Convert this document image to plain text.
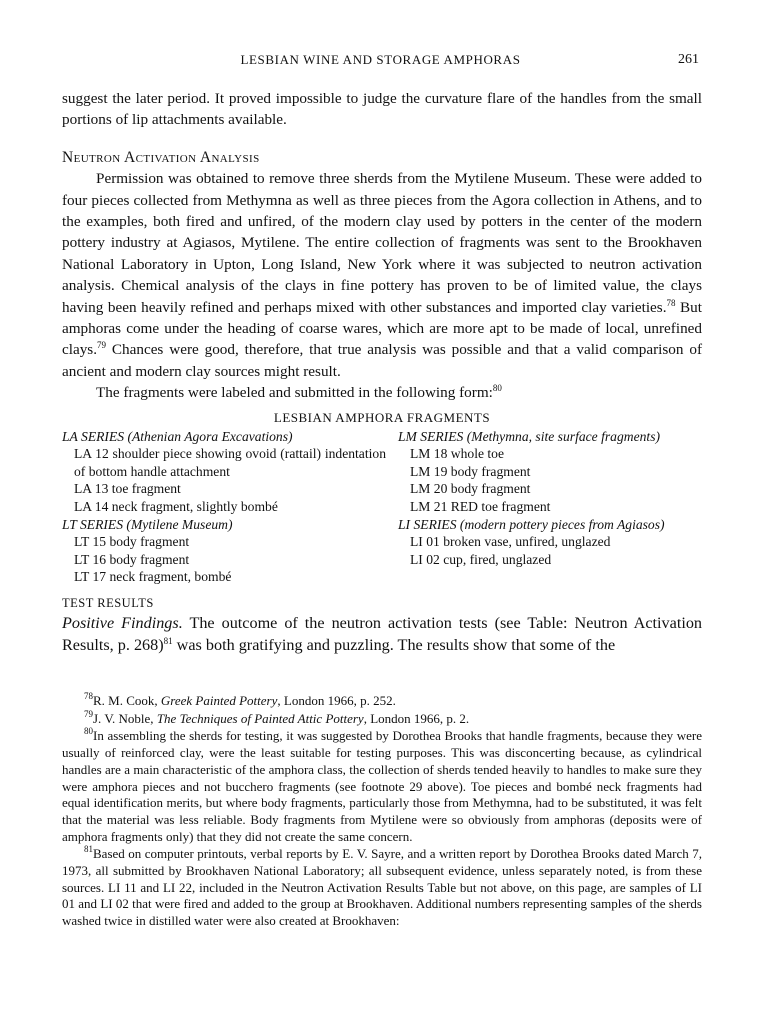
LESBIAN WINE AND STORAGE AMPHORAS	261

suggest the later period. It proved impossible to judge the curvature flare of the handles from the small portions of lip attachments available.

Neutron Activation Analysis

Permission was obtained to remove three sherds from the Mytilene Museum. These were added to four pieces collected from Methymna as well as three pieces from the Agora collection in Athens, and to the examples, both fired and unfired, of the modern clay used by potters in the center of the modern pottery industry at Agiasos, Mytilene. The entire collection of fragments was sent to the Brookhaven National Laboratory in Upton, Long Island, New York where it was subjected to neutron activation analysis. Chemical analysis of the clays in fine pottery has proven to be of limited value, the clays having been heavily refined and perhaps mixed with other substances and imported clay varieties.$^{78}$ But amphoras come under the heading of coarse wares, which are more apt to be made of local, unrefined clays.$^{79}$ Chances were good, therefore, that true analysis was possible and that a valid comparison of ancient and modern clay sources might result.

The fragments were labeled and submitted in the following form:$^{80}$

LESBIAN AMPHORA FRAGMENTS
LA SERIES (Athenian Agora Excavations)
LA 12 shoulder piece showing ovoid (rattail) indentation of bottom handle attachment
LA 13 toe fragment
LA 14 neck fragment, slightly bombé
LT SERIES (Mytilene Museum)
LT 15 body fragment
LT 16 body fragment
LT 17 neck fragment, bombé
LM SERIES (Methymna, site surface fragments)
LM 18 whole toe
LM 19 body fragment
LM 20 body fragment
LM 21 RED toe fragment
LI SERIES (modern pottery pieces from Agiasos)
LI 01 broken vase, unfired, unglazed
LI 02 cup, fired, unglazed
TEST RESULTS

Positive Findings. The outcome of the neutron activation tests (see Table: Neutron Activation Results, p. 268)$^{81}$ was both gratifying and puzzling. The results show that some of the

$^{78}$R. M. Cook, Greek Painted Pottery, London 1966, p. 252.

$^{79}$J. V. Noble, The Techniques of Painted Attic Pottery, London 1966, p. 2.

$^{80}$In assembling the sherds for testing, it was suggested by Dorothea Brooks that handle fragments, because they were usually of reinforced clay, were the least suitable for testing purposes. This was disconcerting because, as cylindrical handles are a main characteristic of the amphora class, the collection of sherds tended heavily to handles to make sure they were amphora pieces and not bucchero fragments (see footnote 29 above). Toe pieces and bombé neck fragments had equal identification merits, but where body fragments, particularly those from Methymna, had to be substituted, it was felt that the material was less reliable. Body fragments from Mytilene were so obviously from amphoras (deposits were of amphora fragments only) that they did not create the same concern.

$^{81}$Based on computer printouts, verbal reports by E. V. Sayre, and a written report by Dorothea Brooks dated March 7, 1973, all submitted by Brookhaven National Laboratory; all subsequent evidence, unless separately noted, is from these sources. LI 11 and LI 22, included in the Neutron Activation Results Table but not above, on this page, are samples of LI 01 and LI 02 that were fired and added to the group at Brookhaven. Additional numbers representing samples of the sherds washed twice in distilled water were also created at Brookhaven:
